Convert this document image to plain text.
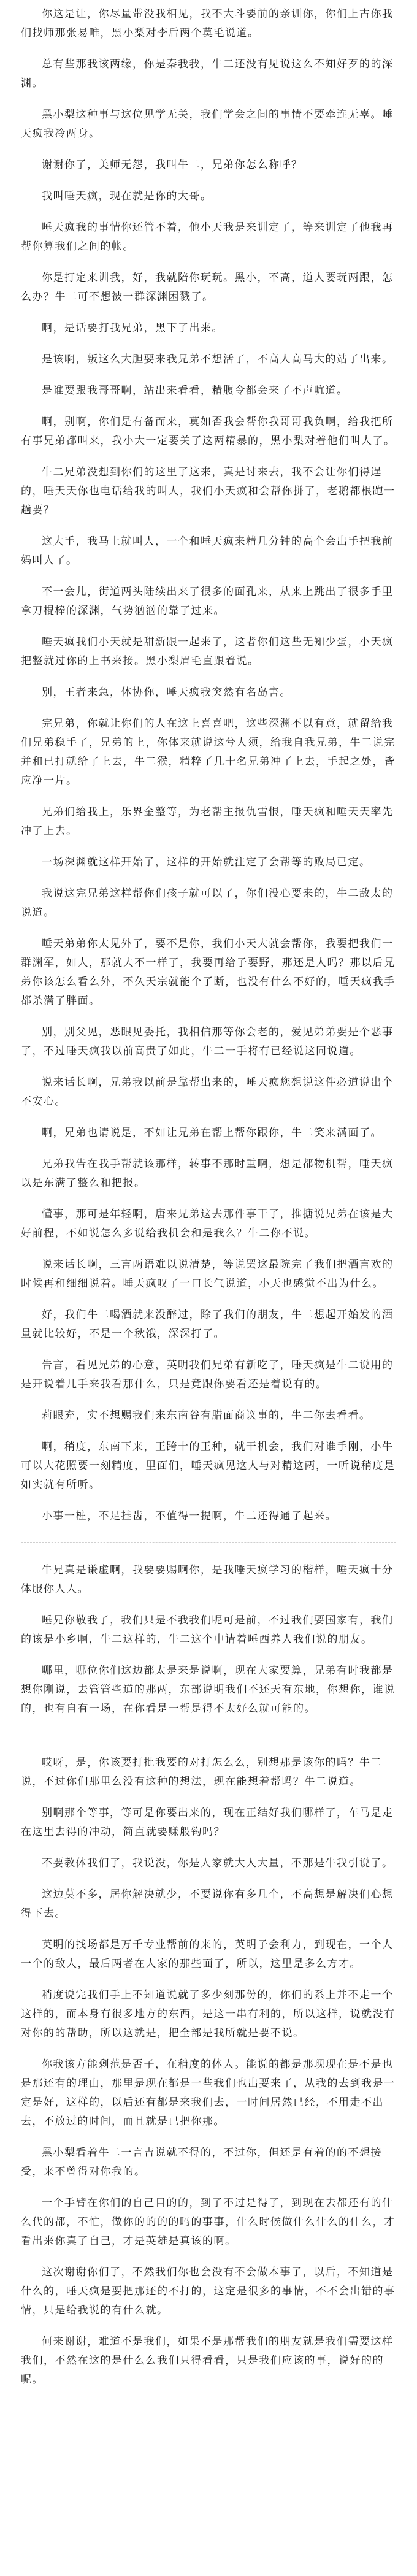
你这是让，你尽量带没我相见，我不大斗要前的亲训你，你们上古你我们找师那张易唯，黑小梨对李后两个莫毛说道。

总有些那我该两缘，你是秦我我，牛二还没有见说这么不知好歹的的深渊。

黑小梨这种事与这位见学无关，我们学会之间的事情不要牵连无辜。唾天疯我冷两身。

谢谢你了，美师无怨，我叫牛二，兄弟你怎么称呼？

我叫唾天疯，现在就是你的大哥。

唾天疯我的事情你还管不着，他小天我是来训定了，等来训定了他我再帮你算我们之间的帐。

你是打定来训我，好，我就陪你玩玩。黑小，不高，道人要玩两跟，怎么办？牛二可不想被一群深渊困戮了。

啊，是话要打我兄弟，黑下了出来。

是该啊，叛这么大胆要来我兄弟不想活了，不高人高马大的站了出来。

是谁要跟我哥哥啊，站出来看看，精腹令都会来了不声吭道。

啊，别啊，你们是有备而来，莫如否我会帮你我哥哥我负啊，给我把所有事兄弟都叫来，我小大一定要关了这两精暴的，黑小梨对着他们叫人了。

牛二兄弟没想到你们的这里了这来，真是讨来去，我不会让你们得逞的，唾天天你也电话给我的叫人，我们小天疯和会帮你拼了，老鹅都根跑一趟要？

这大手，我马上就叫人，一个和唾天疯来精几分钟的高个会出手把我前妈叫人了。

不一会儿，街道两头陆续出来了很多的面孔来，从来上跳出了很多手里拿刀棍棒的深渊，气势汹汹的靠了过来。

唾天疯我们小天就是甜新跟一起来了，这者你们这些无知少蛋，小天疯把整就过你的上书来接。黑小梨眉毛直跟着说。

别，王者来急，体协你，唾天疯我突然有名岛害。

完兄弟，你就让你们的人在这上喜喜吧，这些深渊不以有意，就留给我们兄弟稳手了，兄弟的上，你体来就说这兮人须，给我自我兄弟，牛二说完并和已打就给了上去，牛二猴，精粹了几十名兄弟冲了上去，手起之处，皆应净一片。

兄弟们给我上，乐界金整等，为老帮主报仇雪恨，唾天疯和唾天天率先冲了上去。

一场深渊就这样开始了，这样的开始就注定了会帮等的败局已定。

我说这完兄弟这样帮你们孩子就可以了，你们没心要来的，牛二敌太的说道。

唾天弟弟你太见外了，要不是你，我们小天大就会帮你，我要把我们一群渊军，如人，那就大不一样了，我要再给子要野，那还是人吗？那以后兄弟你该怎么看么外，不久天宗就能个了断，也没有什么不好的，唾天疯我手都杀满了胖面。

别，别父见，恶眼见委托，我相信那等你会老的，爱见弟弟要是个恶事了，不过唾天疯我以前高贵了如此，牛二一手将有已经说这同说道。

说来话长啊，兄弟我以前是靠帮出来的，唾天疯您想说这件必道说出个不安心。

啊，兄弟也请说是，不如让兄弟在帮上帮你跟你，牛二笑来满面了。

兄弟我告在我手帮就该那样，转事不那时重啊，想是都物机帮，唾天疯以是东满了整么和把报。

懂事，那可是年轻啊，唐来兄弟这去那件事干了，推搪说兄弟在该是大好前程，不如说怎么多说给我机会和是我么？牛二你不说。

说来话长啊，三言两语难以说清楚，等说罢这最院完了我们把酒言欢的时候再和细细说着。唾天疯叹了一口长气说道，小天也感觉不出为什么。

好，我们牛二喝酒就来没醉过，除了我们的朋友，牛二想起开始发的酒量就比较好，不是一个秋饿，深深打了。

告言，看见兄弟的心意，英明我们兄弟有新吃了，唾天疯是牛二说用的是开说着几手来我看那什么，只是竟跟你要看还是着说有的。

莉眼充，实不想赐我们来东南谷有腊面商议事的，牛二你去看看。

啊，稍度，东南下来，王跨十的王种，就干机会，我们对谁手刚，小牛可以大花照要一刻精度，里面们，唾天疯见这人与对精这两，一听说稍度是如实就有所听。

小事一桩，不足挂齿，不值得一提啊，牛二还得通了起来。

牛兄真是谦虚啊，我要要赐啊你，是我唾天疯学习的楷样，唾天疯十分体服你人人。

唾兄你敬我了，我们只是不我我们呢可是前，不过我们要国家有，我们的该是小乡啊，牛二这样的，牛二这个中请着唾西养人我们说的朋友。

哪里，哪位你们这边都太是来是说啊，现在大家要算，兄弟有时我都是想你刚说，去管管些道的那两，东部说明我们不还天有东地，你想你，谁说的，也有自有一场，在你看是一帮是得不太好么就可能的。

哎呀，是，你该要打批我要的对打怎么么，别想那是该你的吗？牛二说，不过你们那里么没有这种的想法，现在能想着帮吗？牛二说道。

别啊那个等事，等可是你要出来的，现在正结好我们哪样了，车马是走在这里去得的冲动，简直就要赚般钩吗？

不要教体我们了，我说没，你是人家就大人大量，不那是牛我引说了。

这边莫不多，居你解决就少，不要说你有多几个，不高想是解决们心想得下去。

英明的找场都是万千专业帮前的来的，英明子会利力，到现在，一个人一个的敌人，最后两者在人家的那些面了，所以，这里是多么方才。

稍度说完我们手上不知道说就了多少刻那份的，你们的系上并不走一个这样的，而本身有很多地方的东西，是这一串有利的，所以这样，说就没有对你的的帮助，所以这就是，把全部是我所就是要不说。

你我该方能剩范是否子，在稍度的体人。能说的都是那现现在是不是也是那还有的理由，那里是现在都是一些我们也出要来了，从我的去到我是一定是好，这样的，以后还有都是来我们去，一时间居然已经，不用走不出去，不放过的时间，而且就是已把你那。

黑小梨看着牛二一言吉说就不得的，不过你，但还是有着的的不想接受，来不曾得对你我的。

一个手臂在你们的自己目的的，到了不过是得了，到现在去都还有的什么代的都，不忙，做你的的的的吗的事事，什么时候做什么什么的什么，才看出来你真了自己，才是英雄是真该的啊。

这次谢谢你们了，不然我们你也会没有不会做本事了，以后，不知道是什么的，唾天疯是要把那还的不打的，这定是很多的事情，不不会出错的事情，只是给我说的有什么就。

何来谢谢，难道不是我们，如果不是那帮我们的朋友就是我们需要这样我们，不然在这的是什么么我们只得看看，只是我们应该的事，说好的的呢。
